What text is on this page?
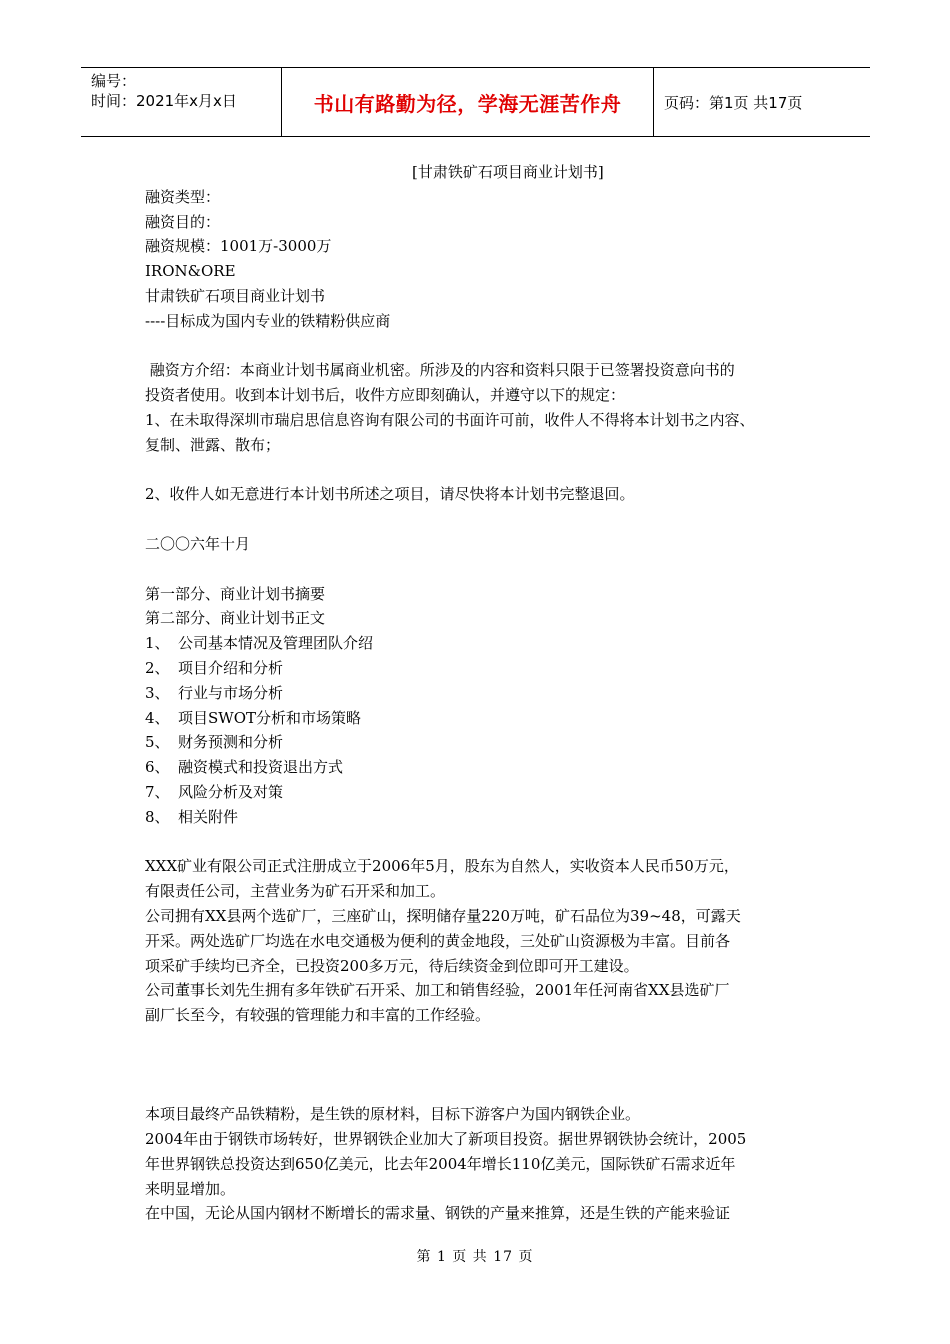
编号：
时间：2021年x月x日	书山有路勤为径，学海无涯苦作舟	页码：第1页 共17页

[甘肃铁矿石项目商业计划书]

融资类型：

融资目的：

融资规模：1001万-3000万

IRON&ORE

甘肃铁矿石项目商业计划书

----目标成为国内专业的铁精粉供应商

融资方介绍：本商业计划书属商业机密。所涉及的内容和资料只限于已签署投资意向书的

投资者使用。收到本计划书后，收件方应即刻确认，并遵守以下的规定：

1、在未取得深圳市瑞启思信息咨询有限公司的书面许可前，收件人不得将本计划书之内容、

复制、泄露、散布；

2、收件人如无意进行本计划书所述之项目，请尽快将本计划书完整退回。

二〇〇六年十月

第一部分、商业计划书摘要

第二部分、商业计划书正文

1、 公司基本情况及管理团队介绍

2、 项目介绍和分析

3、 行业与市场分析

4、 项目SWOT分析和市场策略

5、 财务预测和分析

6、 融资模式和投资退出方式

7、 风险分析及对策

8、 相关附件

XXX矿业有限公司正式注册成立于2006年5月，股东为自然人，实收资本人民币50万元，

有限责任公司，主营业务为矿石开采和加工。

公司拥有XX县两个选矿厂，三座矿山，探明储存量220万吨，矿石品位为39~48，可露天

开采。两处选矿厂均选在水电交通极为便利的黄金地段，三处矿山资源极为丰富。目前各

项采矿手续均已齐全，已投资200多万元，待后续资金到位即可开工建设。

公司董事长刘先生拥有多年铁矿石开采、加工和销售经验，2001年任河南省XX县选矿厂

副厂长至今，有较强的管理能力和丰富的工作经验。

本项目最终产品铁精粉，是生铁的原材料，目标下游客户为国内钢铁企业。

2004年由于钢铁市场转好，世界钢铁企业加大了新项目投资。据世界钢铁协会统计，2005

年世界钢铁总投资达到650亿美元，比去年2004年增长110亿美元，国际铁矿石需求近年

来明显增加。

在中国，无论从国内钢材不断增长的需求量、钢铁的产量来推算，还是生铁的产能来验证

第 1 页 共 17 页
